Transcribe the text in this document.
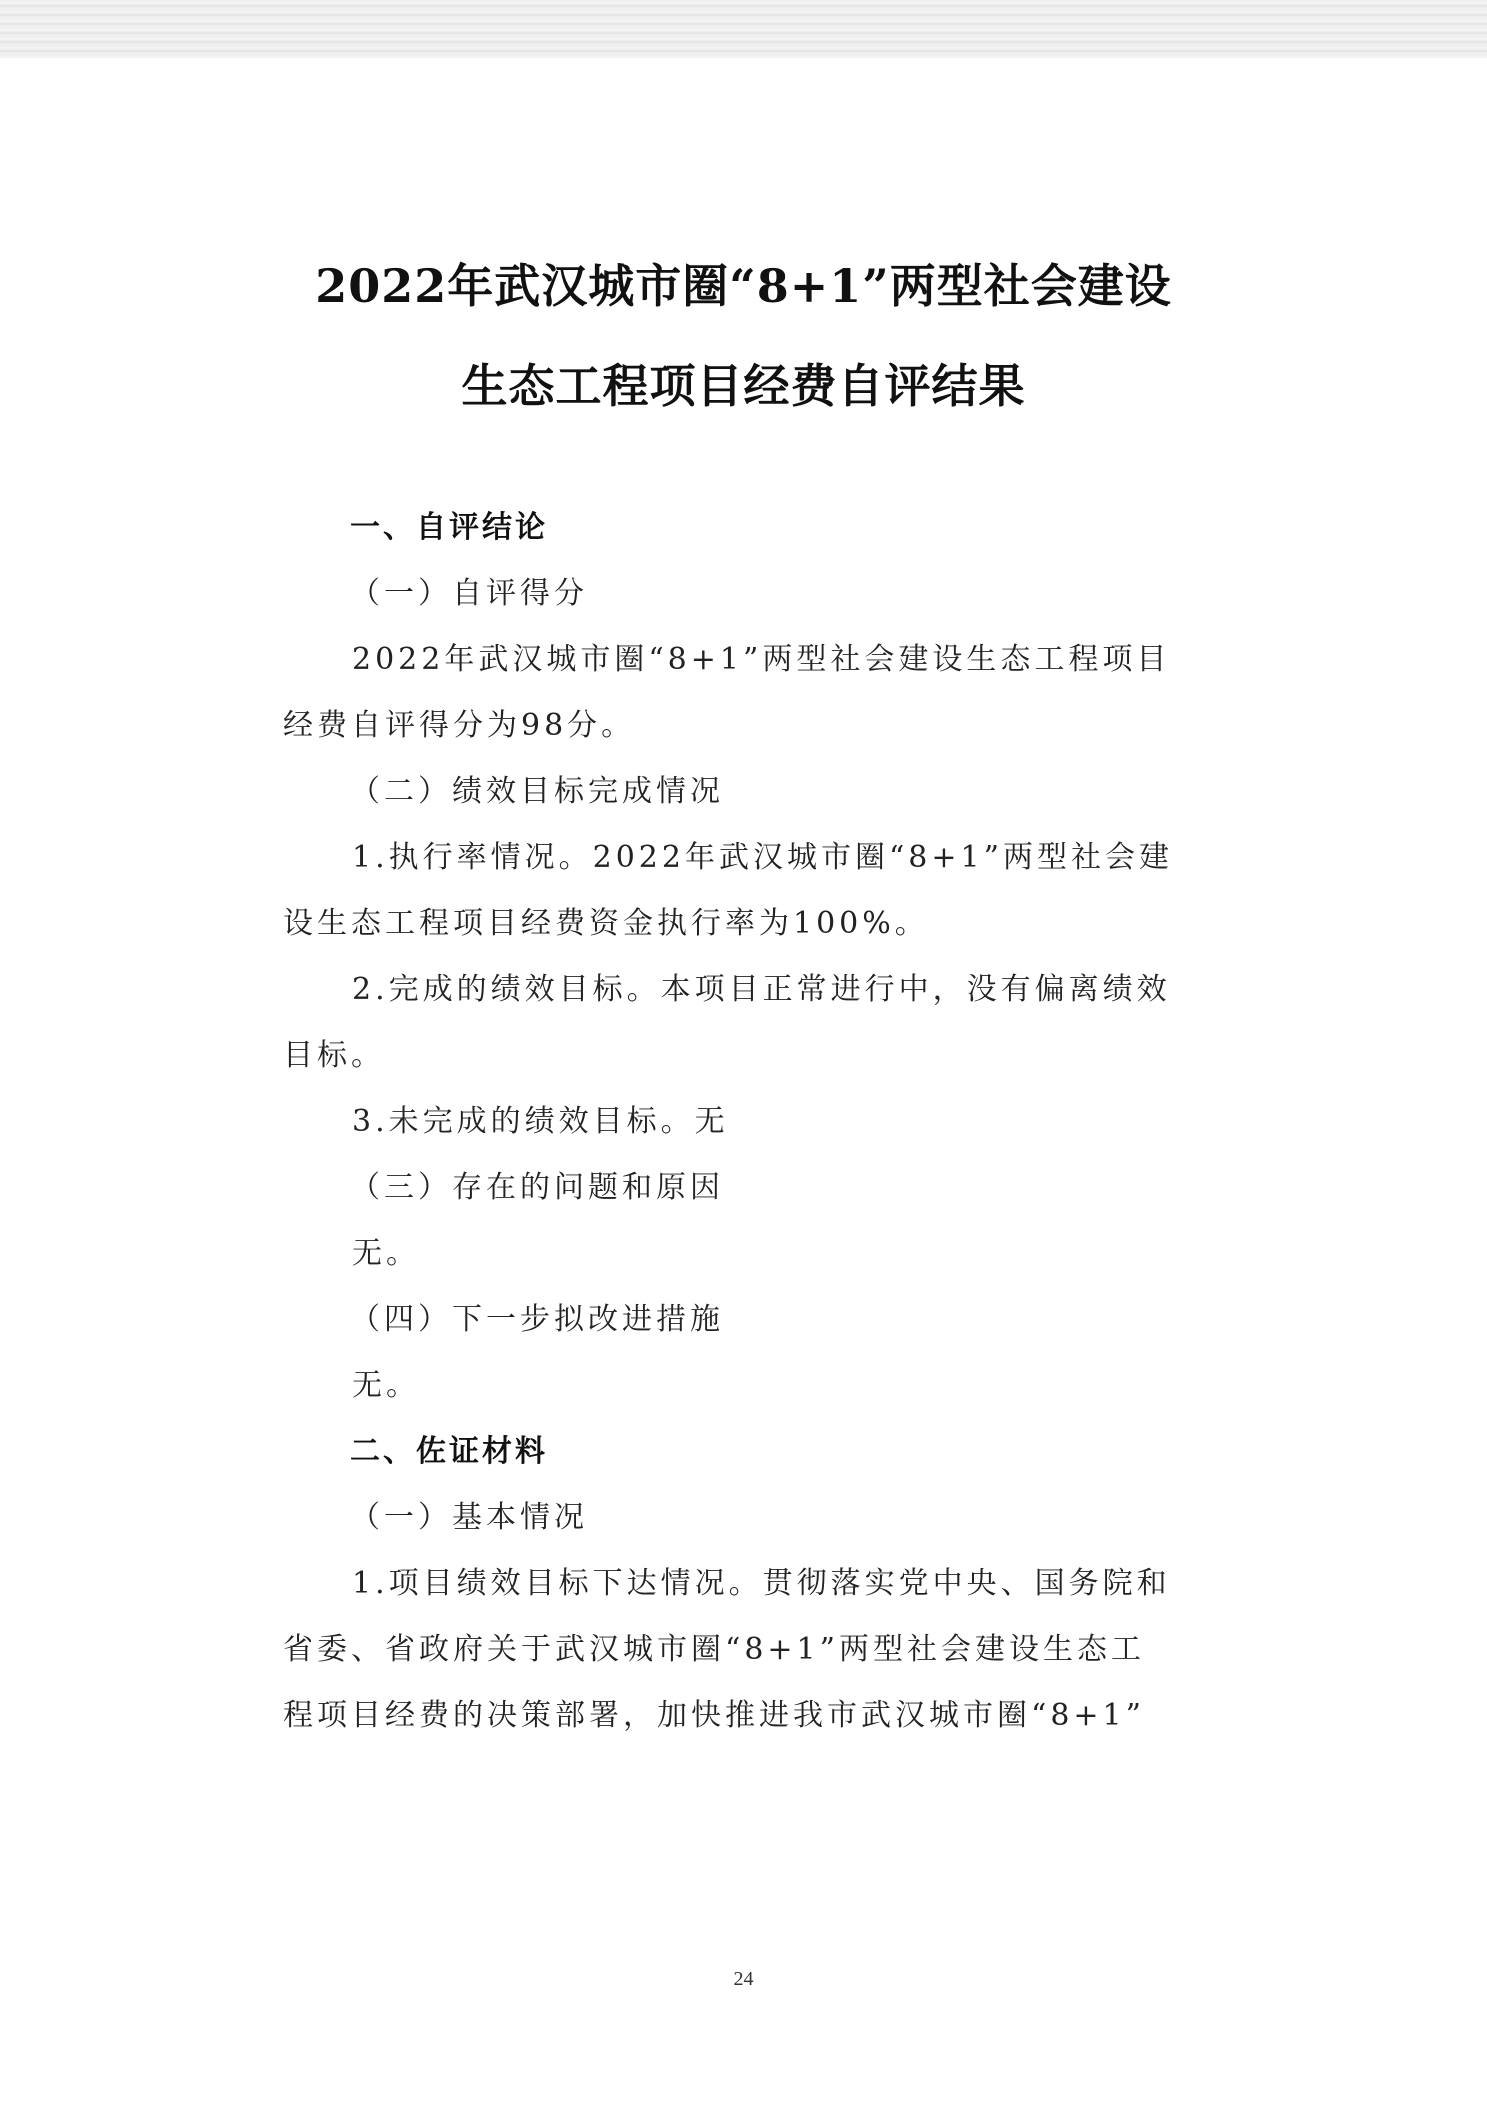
2022年武汉城市圈“8+1”两型社会建设
生态工程项目经费自评结果
一、自评结论
（一）自评得分
2022年武汉城市圈“8+1”两型社会建设生态工程项目
经费自评得分为98分。
（二）绩效目标完成情况
1.执行率情况。2022年武汉城市圈“8+1”两型社会建
设生态工程项目经费资金执行率为100%。
2.完成的绩效目标。本项目正常进行中，没有偏离绩效
目标。
3.未完成的绩效目标。无
（三）存在的问题和原因
无。
（四）下一步拟改进措施
无。
二、佐证材料
（一）基本情况
1.项目绩效目标下达情况。贯彻落实党中央、国务院和
省委、省政府关于武汉城市圈“8+1”两型社会建设生态工
程项目经费的决策部署，加快推进我市武汉城市圈“8+1”
24
